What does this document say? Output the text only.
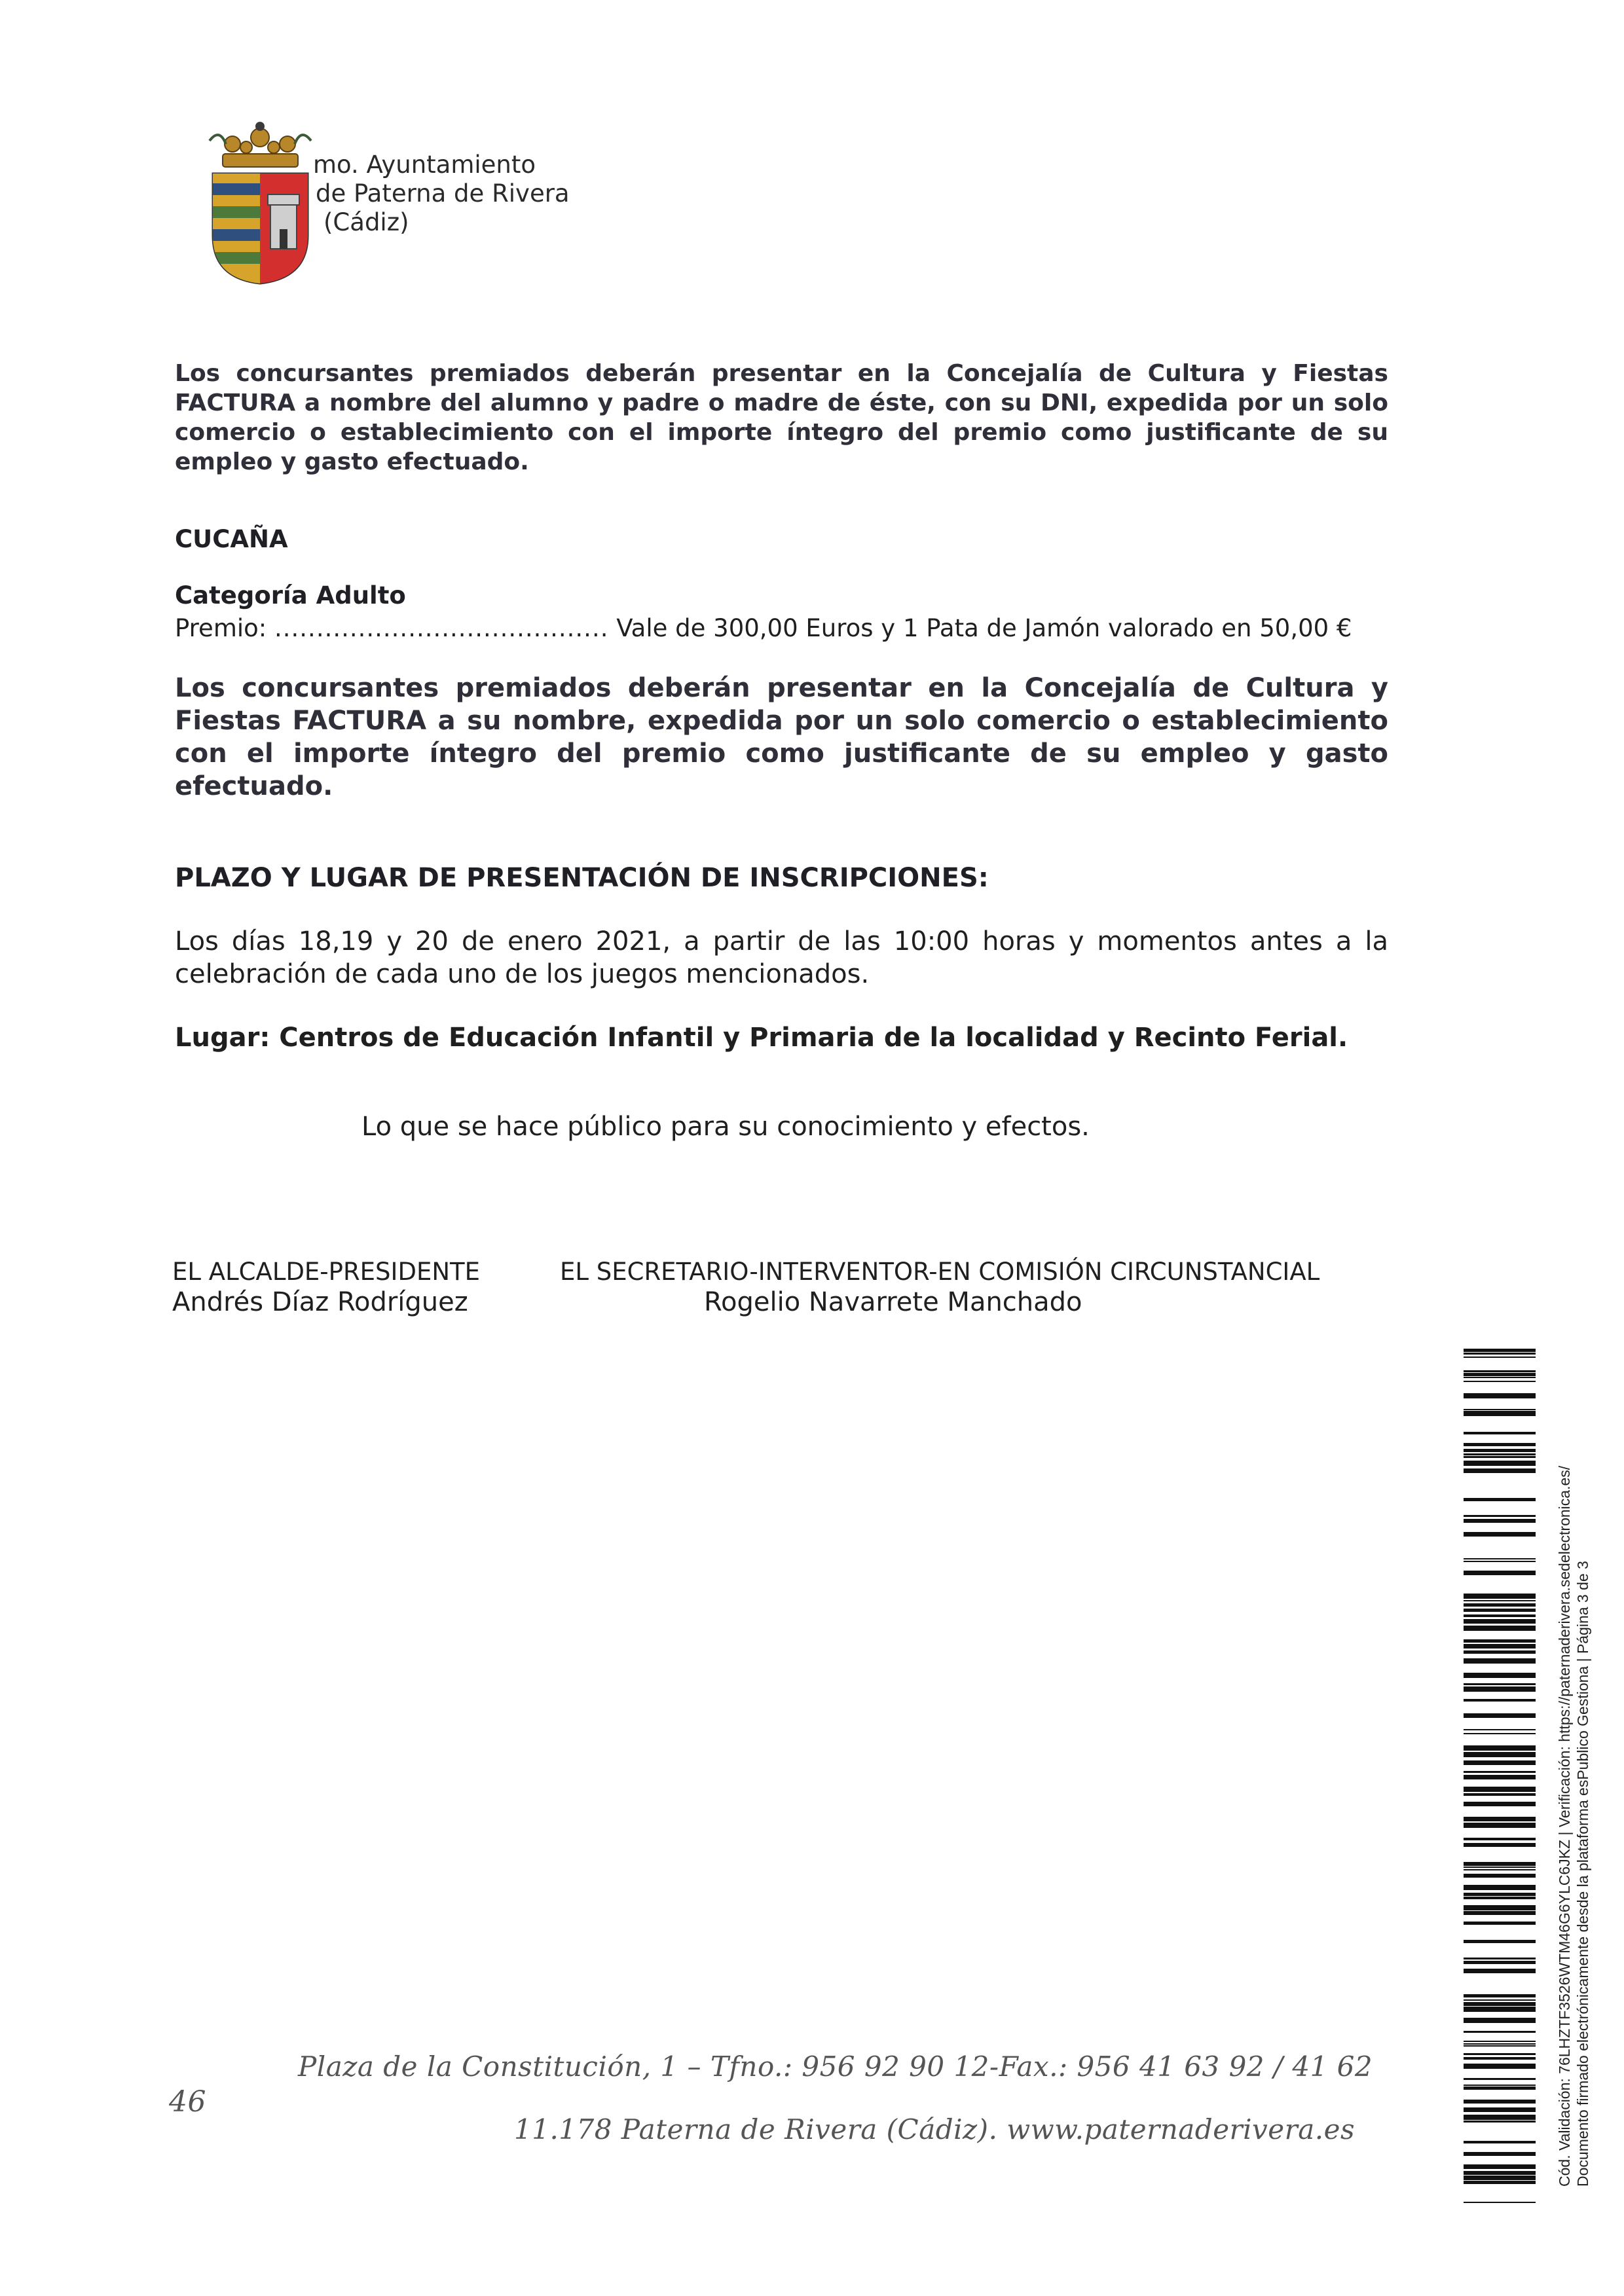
mo. Ayuntamiento
de Paterna de Rivera
(Cádiz)
Los concursantes premiados deberán presentar en la Concejalía de Cultura y Fiestas FACTURA a nombre del alumno y padre o madre de éste, con su DNI, expedida por un solo comercio o establecimiento con el importe íntegro del premio como justificante de su empleo y gasto efectuado.
CUCAÑA
Categoría Adulto
Premio: ........................................ Vale de 300,00 Euros y 1 Pata de Jamón valorado en 50,00 €
Los concursantes premiados deberán presentar en la Concejalía de Cultura y Fiestas FACTURA a su nombre, expedida por un solo comercio o establecimiento con el importe íntegro del premio como justificante de su empleo y gasto efectuado.
PLAZO Y LUGAR DE PRESENTACIÓN DE INSCRIPCIONES:
Los días 18,19 y 20 de enero 2021, a partir de las 10:00 horas y momentos antes a la celebración de cada uno de los juegos mencionados.
Lugar: Centros de Educación Infantil y Primaria de la localidad y Recinto Ferial.
Lo que se hace público para su conocimiento y efectos.
EL ALCALDE-PRESIDENTE
Andrés Díaz Rodríguez
EL SECRETARIO-INTERVENTOR-EN COMISIÓN CIRCUNSTANCIAL
Rogelio Navarrete Manchado
Cód. Validación: 76LHZTF3526WTM46G6YLC6JKZ | Verificación: https://paternaderivera.sedelectronica.es/ Documento firmado electrónicamente desde la plataforma esPublico Gestiona | Página 3 de 3
46
Plaza de la Constitución, 1 – Tfno.: 956 92 90 12-Fax.: 956 41 63 92 / 41 62
11.178 Paterna de Rivera (Cádiz). www.paternaderivera.es
